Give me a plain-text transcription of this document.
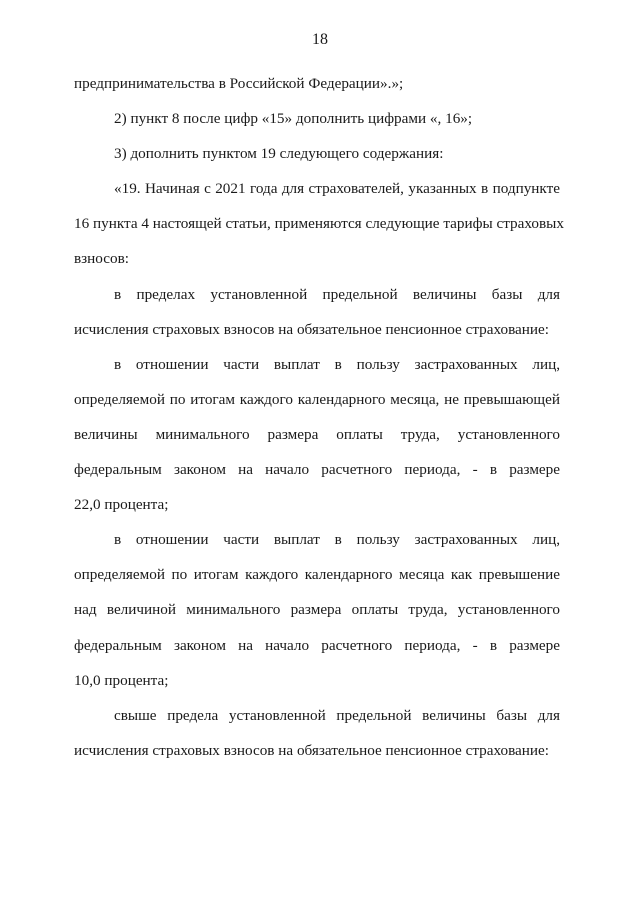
18
предпринимательства в Российской Федерации».»;
2) пункт 8 после цифр «15» дополнить цифрами «, 16»;
3) дополнить пунктом 19 следующего содержания:
«19. Начиная с 2021 года для страхователей, указанных в подпункте
16 пункта 4 настоящей статьи, применяются следующие тарифы страховых
взносов:
в пределах установленной предельной величины базы для
исчисления страховых взносов на обязательное пенсионное страхование:
в отношении части выплат в пользу застрахованных лиц,
определяемой по итогам каждого календарного месяца, не превышающей
величины минимального размера оплаты труда, установленного
федеральным законом на начало расчетного периода, - в размере
22,0 процента;
в отношении части выплат в пользу застрахованных лиц,
определяемой по итогам каждого календарного месяца как превышение
над величиной минимального размера оплаты труда, установленного
федеральным законом на начало расчетного периода, - в размере
10,0 процента;
свыше предела установленной предельной величины базы для
исчисления страховых взносов на обязательное пенсионное страхование:
